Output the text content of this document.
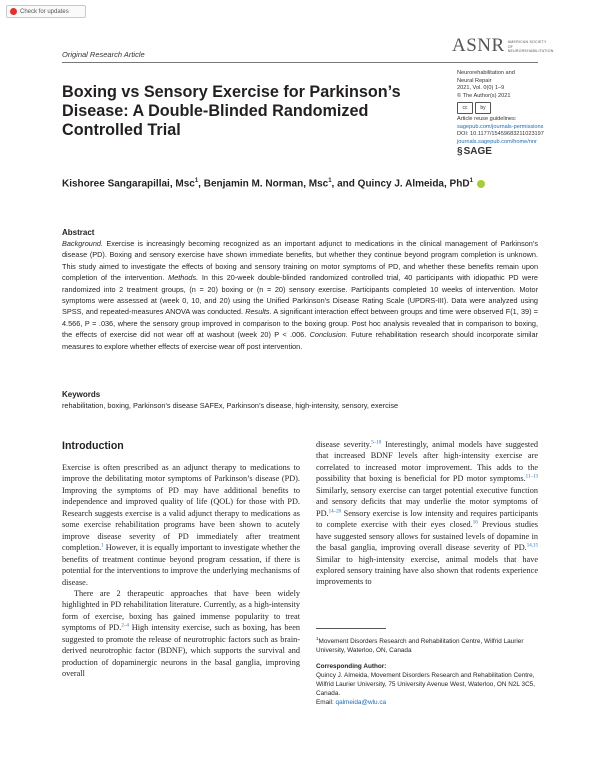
Check for updates
Original Research Article	ASNR AMERICAN SOCIETY OF NEUROREHABILITATION
Boxing vs Sensory Exercise for Parkinson’s Disease: A Double-Blinded Randomized Controlled Trial
Neurorehabilitation and
Neural Repair
2021, Vol. 0(0) 1–9
© The Author(s) 2021
cc	by
Article reuse guidelines:
sagepub.com/journals-permissions
DOI: 10.1177/15459683211023197
journals.sagepub.com/home/nnr
§ SAGE
Kishoree Sangarapillai, Msc$^1$, Benjamin M. Norman, Msc$^1$, and Quincy J. Almeida, PhD$^1$
Abstract

Background. Exercise is increasingly becoming recognized as an important adjunct to medications in the clinical management of Parkinson’s disease (PD). Boxing and sensory exercise have shown immediate benefits, but whether they continue beyond program completion is unknown. This study aimed to investigate the effects of boxing and sensory training on motor symptoms of PD, and whether these benefits remain upon completion of the intervention. Methods. In this 20-week double-blinded randomized controlled trial, 40 participants with idiopathic PD were randomized into 2 treatment groups, (n = 20) boxing or (n = 20) sensory exercise. Participants completed 10 weeks of intervention. Motor symptoms were assessed at (week 0, 10, and 20) using the Unified Parkinson’s Disease Rating Scale (UPDRS-III). Data were analyzed using SPSS, and repeated-measures ANOVA was conducted. Results. A significant interaction effect between groups and time were observed F(1, 39) = 4.566, P = .036, where the sensory group improved in comparison to the boxing group. Post hoc analysis revealed that in comparison to boxing, the effects of exercise did not wear off at washout (week 20) P < .006. Conclusion. Future rehabilitation research should incorporate similar measures to explore whether effects of exercise wear off post intervention.

Keywords
rehabilitation, boxing, Parkinson’s disease SAFEx, Parkinson’s disease, high-intensity, sensory, exercise
Introduction

Exercise is often prescribed as an adjunct therapy to medications to improve the debilitating motor symptoms of Parkinson’s disease (PD). Improving the symptoms of PD may have additional benefits to independence and improved quality of life (QOL) for those with PD. Research suggests exercise is a valid adjunct therapy to medications as some exercise rehabilitation programs have been shown to acutely improve disease severity of PD immediately after treatment completion.$^1$ However, it is equally important to investigate whether the benefits of treatment continue beyond program cessation, if there is potential for the interventions to improve the underlying mechanisms of disease.

There are 2 therapeutic approaches that have been widely highlighted in PD rehabilitation literature. Currently, as a high-intensity form of exercise, boxing has gained immense popularity to treat symptoms of PD.$^{2-4}$ High intensity exercise, such as boxing, has been suggested to promote the release of neurotrophic factors such as brain-derived neurotrophic factor (BDNF), which supports the survival and production of dopaminergic neurons in the basal ganglia, improving overall

disease severity.$^{5-10}$ Interestingly, animal models have suggested that increased BDNF levels after high-intensity exercise are correlated to increased motor improvement. This adds to the possibility that boxing is beneficial for PD motor symptoms.$^{11-13}$ Similarly, sensory exercise can target potential executive function and sensory deficits that may underlie the motor symptoms of PD.$^{14-20}$ Sensory exercise is low intensity and requires participants to complete exercise with their eyes closed.$^{16}$ Previous studies have suggested sensory allows for sustained levels of dopamine in the basal ganglia, improving overall disease severity of PD.$^{14,15}$ Similar to high-intensity exercise, animal models that have explored sensory training have also shown that rodents experience improvements to

$^1$Movement Disorders Research and Rehabilitation Centre, Wilfrid Laurier University, Waterloo, ON, Canada
Corresponding Author:
Quincy J. Almeida, Movement Disorders Research and Rehabilitation Centre, Wilfrid Laurier University, 75 University Avenue West, Waterloo, ON N2L 3C5, Canada.
Email: qalmeida@wlu.ca
